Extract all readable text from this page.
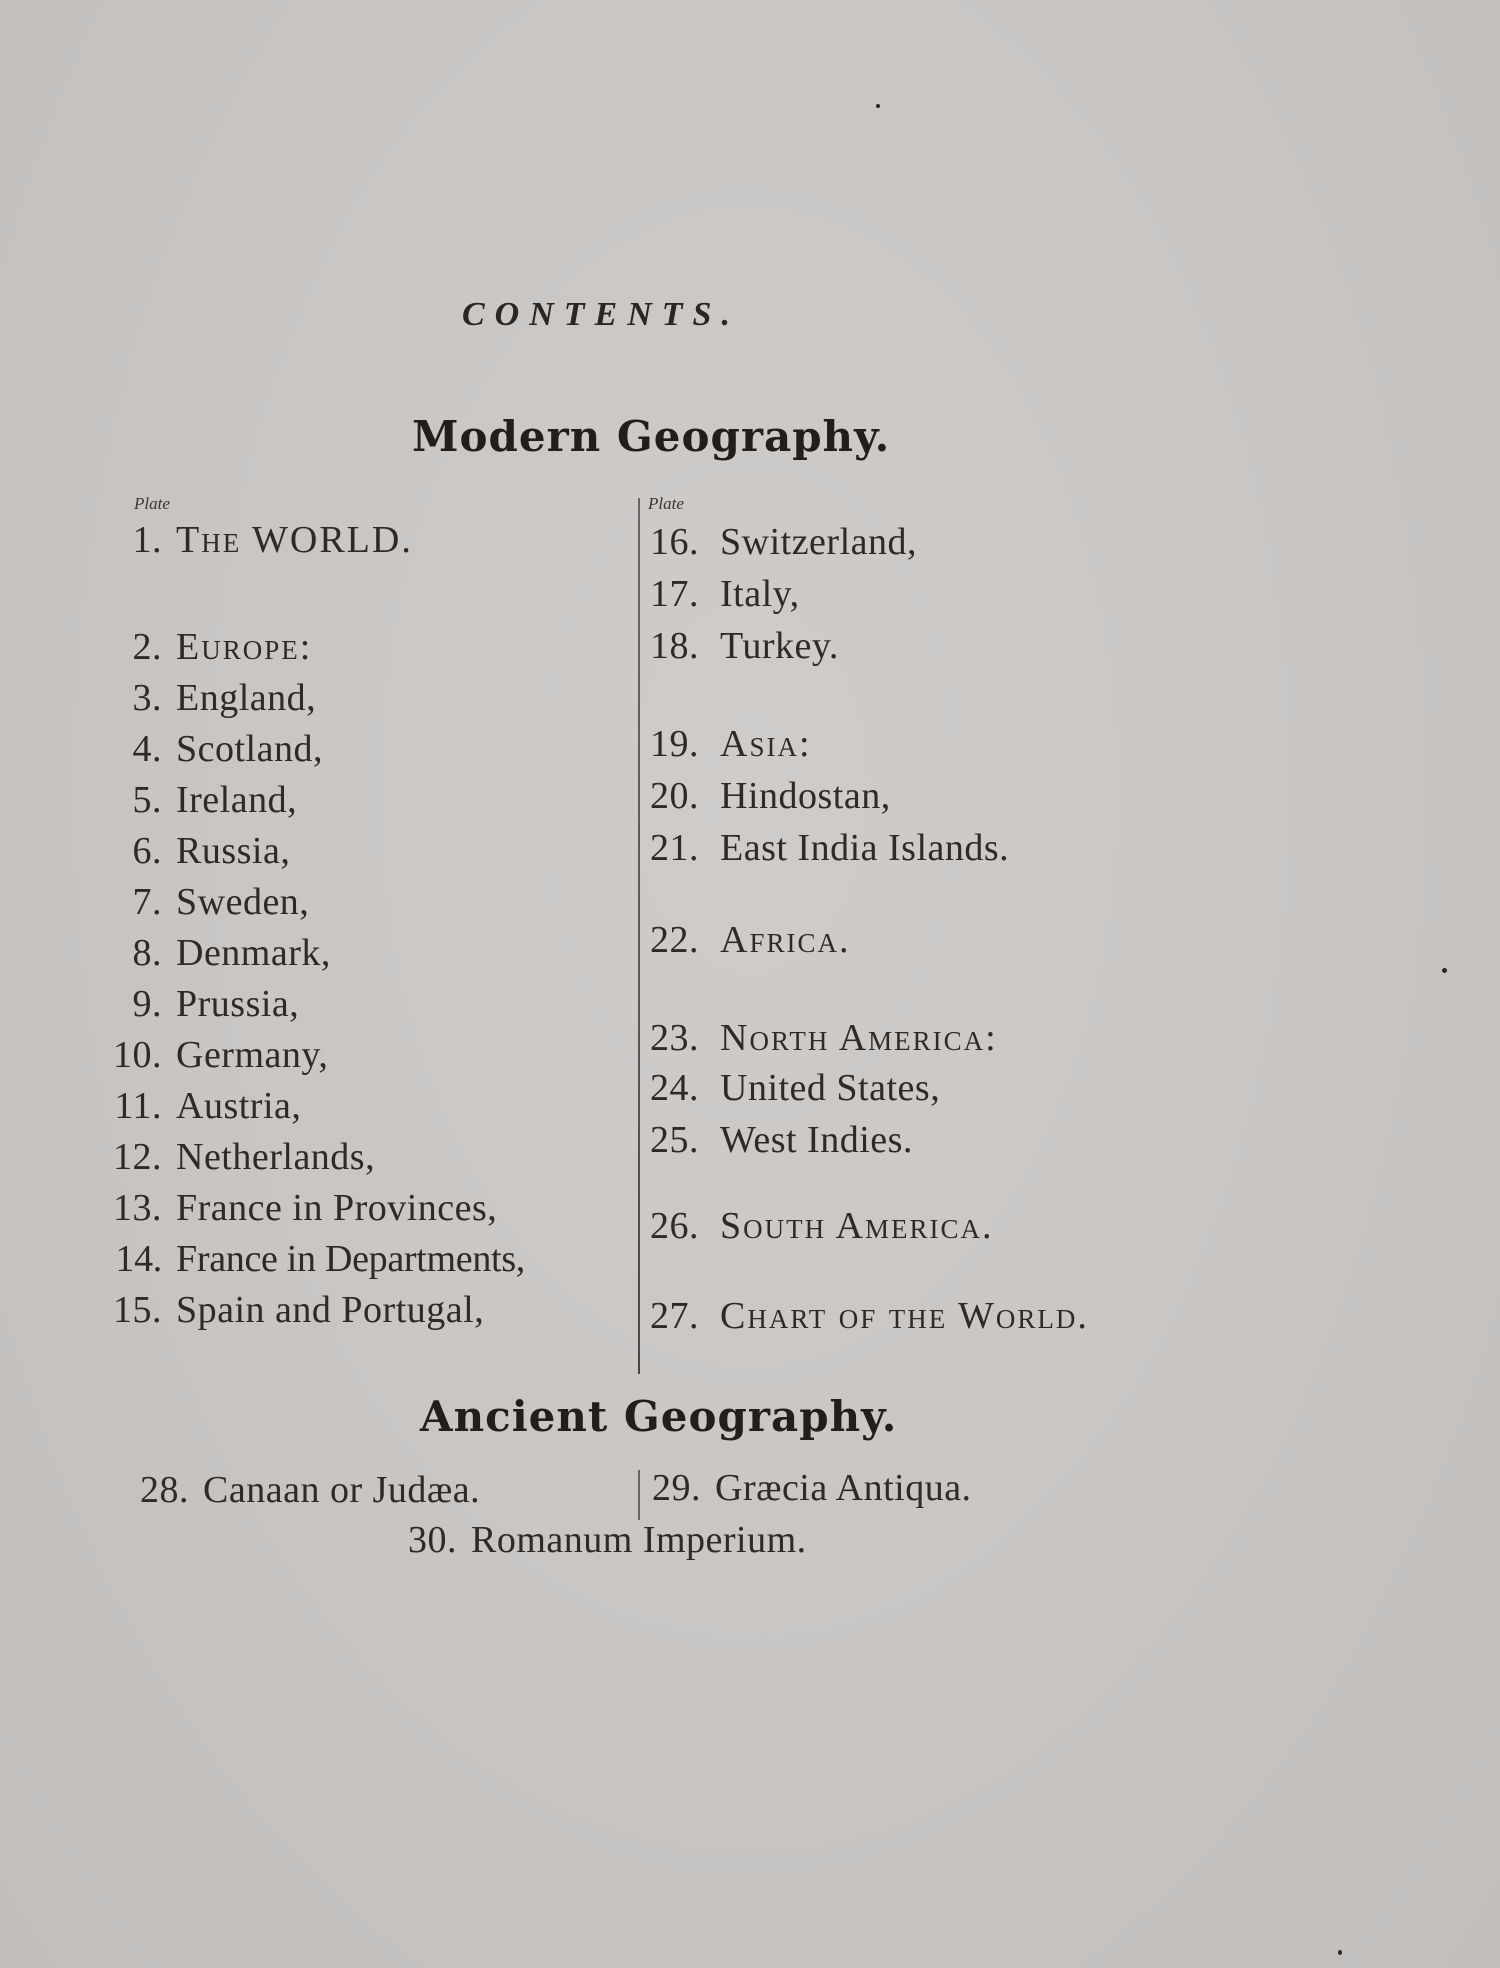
CONTENTS.
Modern Geography.
Plate	Plate
1. The WORLD.
2. Europe:
3. England,
4. Scotland,
5. Ireland,
6. Russia,
7. Sweden,
8. Denmark,
9. Prussia,
10. Germany,
11. Austria,
12. Netherlands,
13. France in Provinces,
14. France in Departments,
15. Spain and Portugal,
16. Switzerland,
17. Italy,
18. Turkey.
19. Asia:
20. Hindostan,
21. East India Islands.
22. Africa.
23. North America:
24. United States,
25. West Indies.
26. South America.
27. Chart of the World.
Ancient Geography.
28. Canaan or Judæa.	29. Græcia Antiqua.
30. Romanum Imperium.
